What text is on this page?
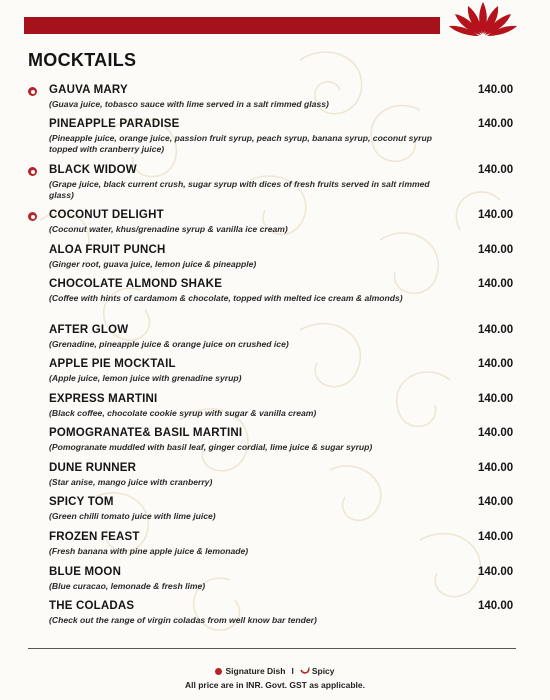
MOCKTAILS
GAUVA MARY
(Guava juice, tobasco sauce with lime served in a salt rimmed glass)
140.00
PINEAPPLE PARADISE
(Pineapple juice, orange juice, passion fruit syrup, peach syrup, banana syrup, coconut syrup topped with cranberry juice)
140.00
BLACK WIDOW
(Grape juice, black current crush, sugar syrup with dices of fresh fruits served in salt rimmed glass)
140.00
COCONUT DELIGHT
(Coconut water, khus/grenadine syrup & vanilla ice cream)
140.00
ALOA FRUIT PUNCH
(Ginger root, guava juice, lemon juice & pineapple)
140.00
CHOCOLATE ALMOND SHAKE
(Coffee with hints of cardamom & chocolate, topped with melted ice cream & almonds)
140.00
AFTER GLOW
(Grenadine, pineapple juice & orange juice on crushed ice)
140.00
APPLE PIE MOCKTAIL
(Apple juice, lemon juice with grenadine syrup)
140.00
EXPRESS MARTINI
(Black coffee, chocolate cookie syrup with sugar & vanilla cream)
140.00
POMOGRANATE& BASIL MARTINI
(Pomogranate muddled with basil leaf, ginger cordial, lime juice & sugar syrup)
140.00
DUNE RUNNER
(Star anise, mango juice with cranberry)
140.00
SPICY TOM
(Green chilli tomato juice with lime juice)
140.00
FROZEN FEAST
(Fresh banana with pine apple juice & lemonade)
140.00
BLUE MOON
(Blue curacao, lemonade & fresh lime)
140.00
THE COLADAS
(Check out the range of virgin coladas from well know bar tender)
140.00
Signature Dish l Spicy
All price are in INR. Govt. GST as applicable.
